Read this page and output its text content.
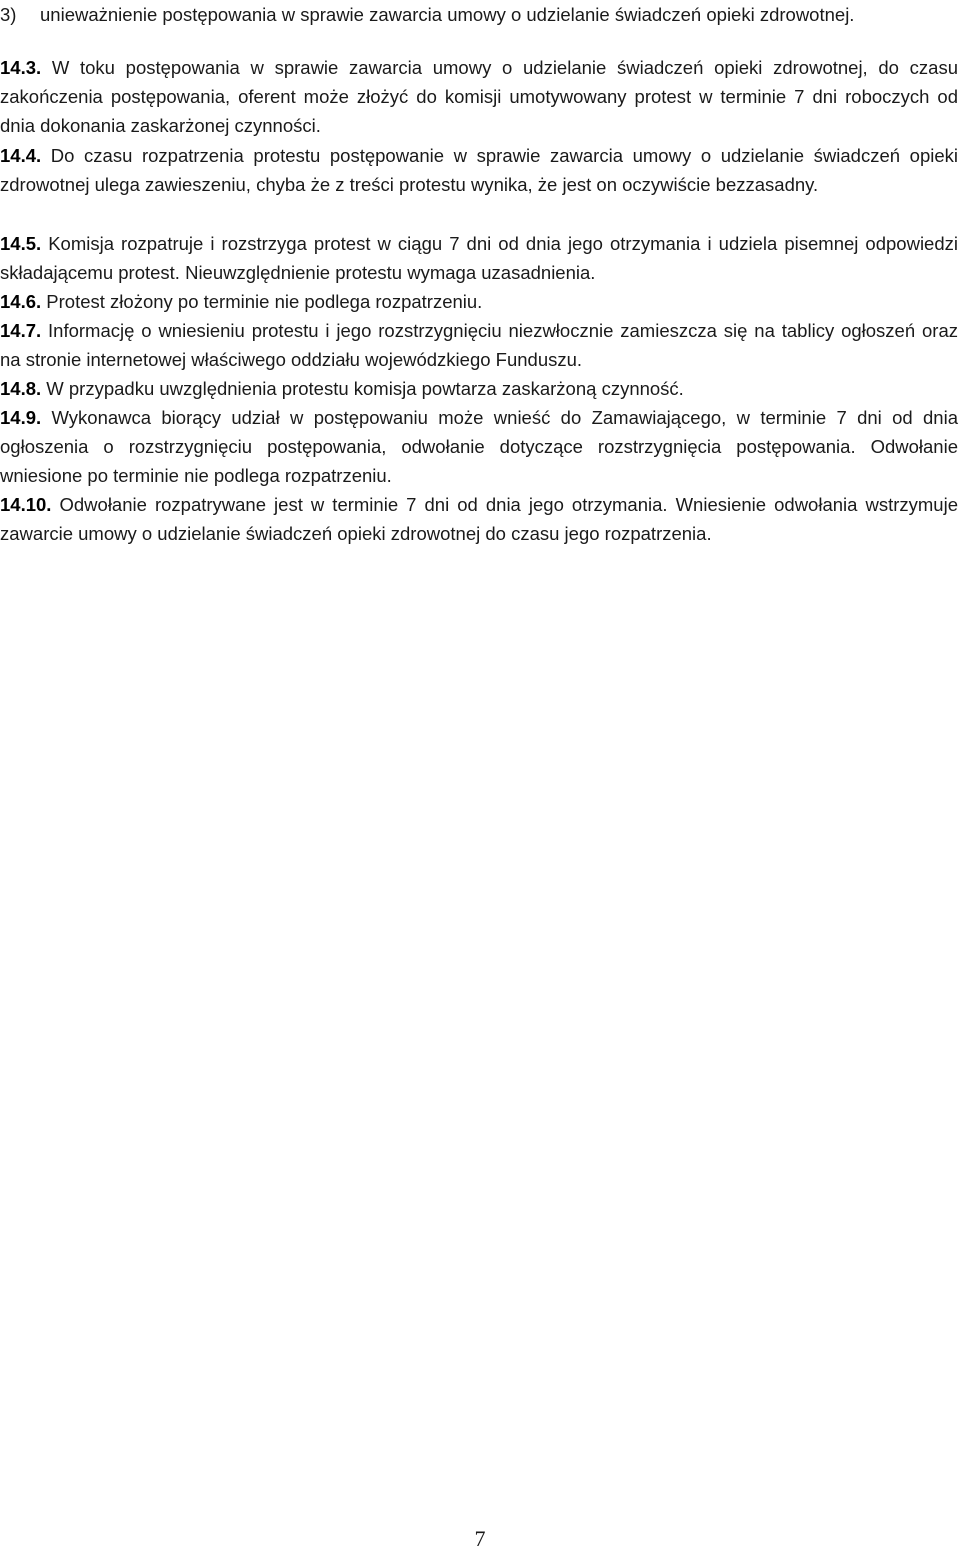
3) unieważnienie postępowania w sprawie zawarcia umowy o udzielanie świadczeń opieki zdrowotnej.

14.3. W toku postępowania w sprawie zawarcia umowy o udzielanie świadczeń opieki zdrowotnej, do czasu zakończenia postępowania, oferent może złożyć do komisji umotywowany protest w terminie 7 dni roboczych od dnia dokonania zaskarżonej czynności.

14.4. Do czasu rozpatrzenia protestu postępowanie w sprawie zawarcia umowy o udzielanie świadczeń opieki zdrowotnej ulega zawieszeniu, chyba że z treści protestu wynika, że jest on oczywiście bezzasadny.

14.5. Komisja rozpatruje i rozstrzyga protest w ciągu 7 dni od dnia jego otrzymania i udziela pisemnej odpowiedzi składającemu protest. Nieuwzględnienie protestu wymaga uzasadnienia.

14.6. Protest złożony po terminie nie podlega rozpatrzeniu.

14.7. Informację o wniesieniu protestu i jego rozstrzygnięciu niezwłocznie zamieszcza się na tablicy ogłoszeń oraz na stronie internetowej właściwego oddziału wojewódzkiego Funduszu.

14.8. W przypadku uwzględnienia protestu komisja powtarza zaskarżoną czynność.

14.9. Wykonawca biorący udział w postępowaniu może wnieść do Zamawiającego, w terminie 7 dni od dnia ogłoszenia o rozstrzygnięciu postępowania, odwołanie dotyczące rozstrzygnięcia postępowania. Odwołanie wniesione po terminie nie podlega rozpatrzeniu.

14.10. Odwołanie rozpatrywane jest w terminie 7 dni od dnia jego otrzymania. Wniesienie odwołania wstrzymuje zawarcie umowy o udzielanie świadczeń opieki zdrowotnej do czasu jego rozpatrzenia.

7
